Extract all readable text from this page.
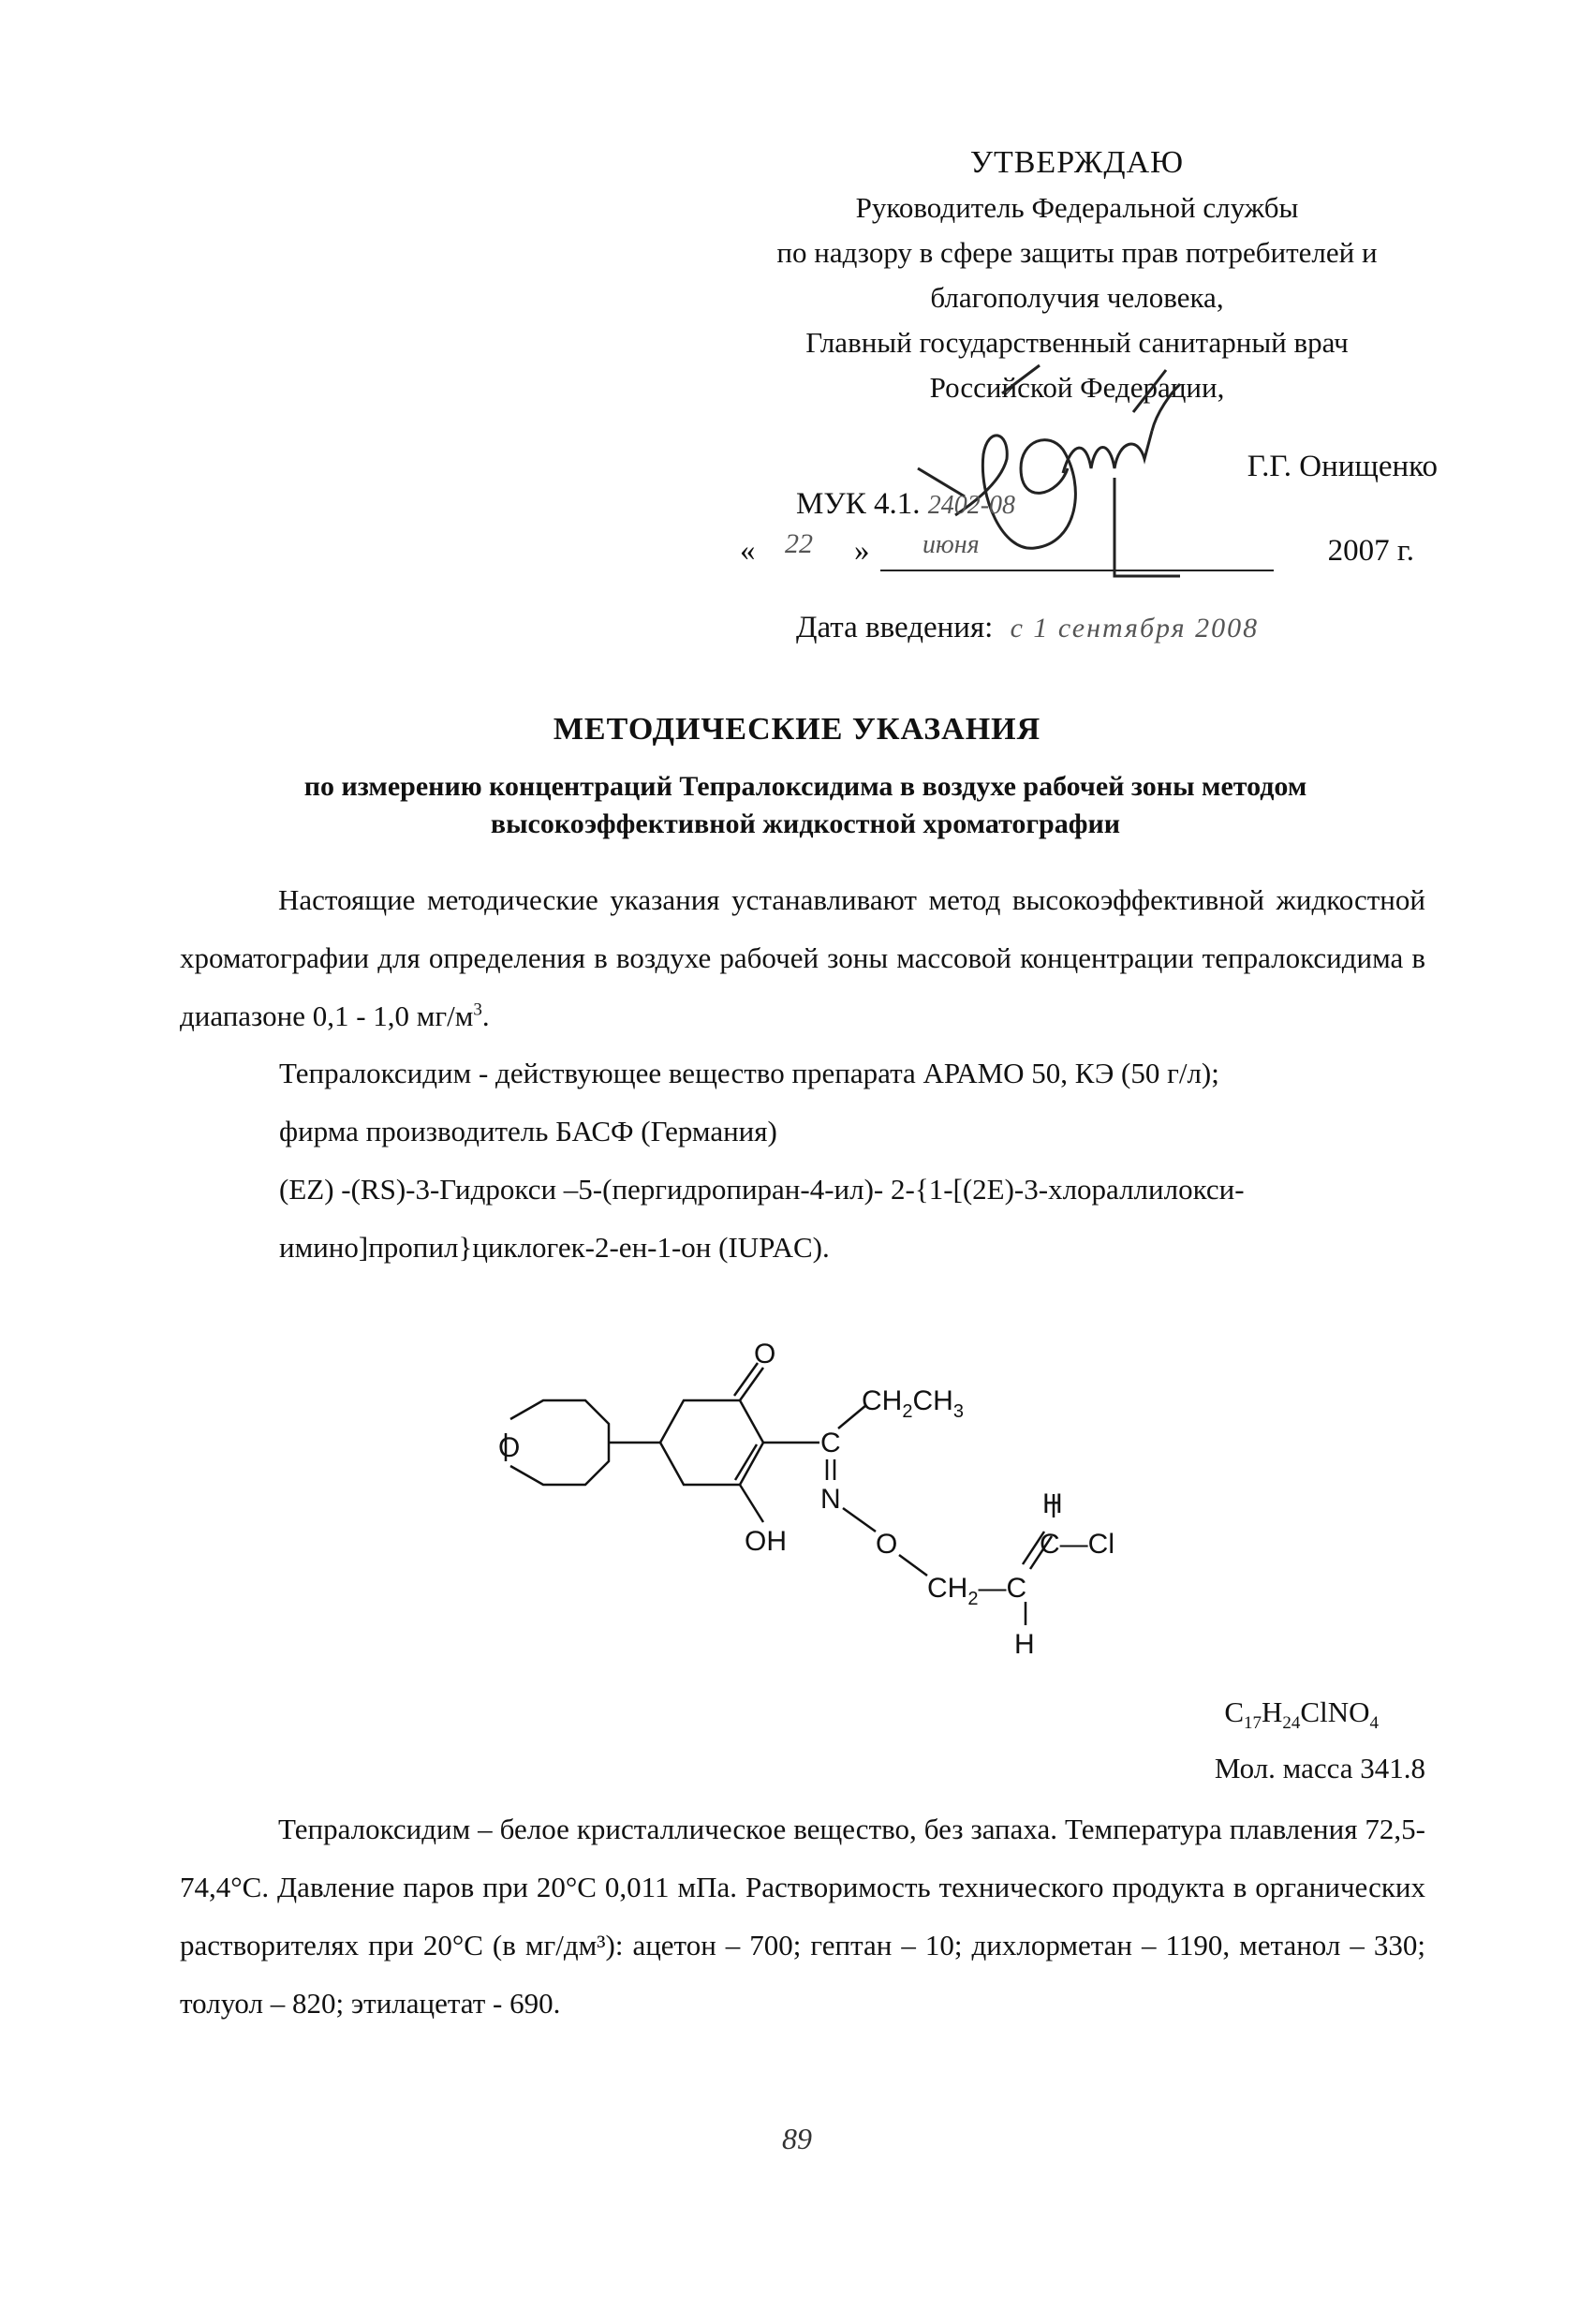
УТВЕРЖДАЮ
Руководитель Федеральной службы
по надзору в сфере защиты прав потребителей и
благополучия человека,
Главный государственный санитарный врач
Российской Федерации,
Г.Г. Онищенко
МУК 4.1. 2402-08
« 22 » июня	2007 г.
Дата введения: с 1 сентября 2008
МЕТОДИЧЕСКИЕ УКАЗАНИЯ
по измерению концентраций Тепралоксидима в воздухе рабочей зоны методом высокоэффективной жидкостной хроматографии
Настоящие методические указания устанавливают метод высокоэффективной жидкостной хроматографии для определения в воздухе рабочей зоны массовой концентрации тепралоксидима в диапазоне 0,1 - 1,0 $мг/м^3$.
Тепралоксидим - действующее вещество препарата АРАМО 50, КЭ (50 г/л);
фирма производитель БАСФ (Германия)
(EZ) -(RS)-3-Гидрокси –5-(пергидропиран-4-ил)- 2-{1-[(2E)-3-хлораллилокси-
имино]пропил}циклогек-2-ен-1-он (IUPAC).
O
O
$CH_2CH_3$
C
N
OH	O
H
C—Cl
$CH_2—C$
H
$C_{17}H_{24}ClNO_4$
Мол. масса 341.8
Тепралоксидим – белое кристаллическое вещество, без запаха. Температура плавления 72,5-74,4°С. Давление паров при 20°С 0,011 мПа. Растворимость технического продукта в органических растворителях при 20°С (в мг/дм³): ацетон – 700; гептан – 10; дихлорметан – 1190, метанол – 330; толуол – 820; этилацетат - 690.
89
